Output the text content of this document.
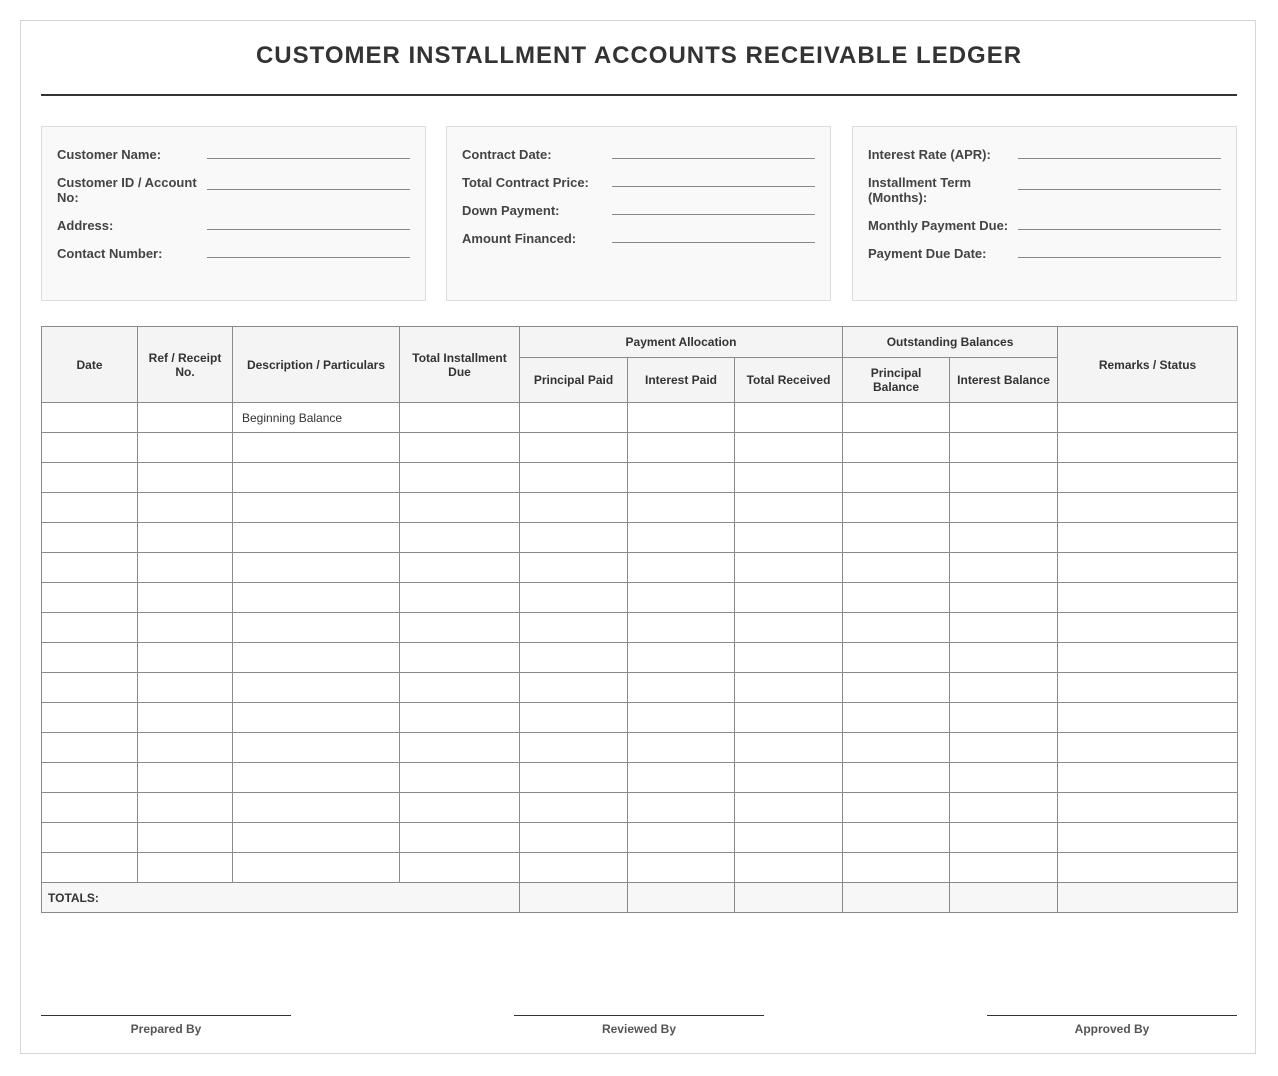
CUSTOMER INSTALLMENT ACCOUNTS RECEIVABLE LEDGER
Customer Name:
Customer ID / Account No:
Address:
Contact Number:
Contract Date:
Total Contract Price:
Down Payment:
Amount Financed:
Interest Rate (APR):
Installment Term (Months):
Monthly Payment Due:
Payment Due Date:
Date	Ref / Receipt No.	Description / Particulars	Total Installment Due	Payment Allocation			Outstanding Balances		Remarks / Status
				Principal Paid	Interest Paid	Total Received	Principal Balance	Interest Balance	
		Beginning Balance							

TOTALS:									
Prepared By	Reviewed By	Approved By
